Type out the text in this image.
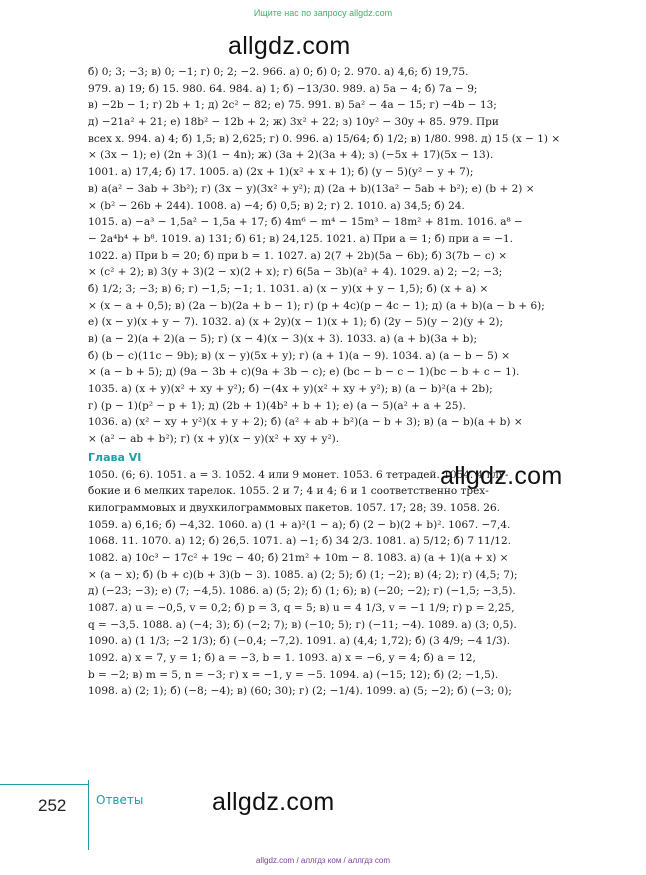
Ищите нас по запросу allgdz.com
allgdz.com
б) 0; 3; −3; в) 0; −1; г) 0; 2; −2. 966. а) 0; б) 0; 2. 970. а) 4,6; б) 19,75.
979. а) 19; б) 15. 980. 64. 984. а) 1; б) −13/30. 989. а) 5a − 4; б) 7a − 9;
в) −2b − 1; г) 2b + 1; д) 2c² − 82; е) 75. 991. в) 5a² − 4a − 15; г) −4b − 13;
д) −21a² + 21; е) 18b² − 12b + 2; ж) 3x² + 22; з) 10y² − 30y + 85. 979. При
всех x. 994. а) 4; б) 1,5; в) 2,625; г) 0. 996. а) 15/64; б) 1/2; в) 1/80. 998. д) 15 (x − 1) ×
× (3x − 1); е) (2n + 3)(1 − 4n); ж) (3a + 2)(3a + 4); з) (−5x + 17)(5x − 13).
1001. а) 17,4; б) 17. 1005. а) (2x + 1)(x² + x + 1); б) (y − 5)(y² − y + 7);
в) a(a² − 3ab + 3b²); г) (3x − y)(3x² + y²); д) (2a + b)(13a² − 5ab + b²); е) (b + 2) ×
× (b² − 26b + 244). 1008. а) −4; б) 0,5; в) 2; г) 2. 1010. а) 34,5; б) 24.
1015. а) −a³ − 1,5a² − 1,5a + 17; б) 4m⁶ − m⁴ − 15m³ − 18m² + 81m. 1016. a⁸ −
− 2a⁴b⁴ + b⁸. 1019. а) 131; б) 61; в) 24,125. 1021. а) При a = 1; б) при a = −1.
1022. а) При b = 20; б) при b = 1. 1027. а) 2(7 + 2b)(5a − 6b); б) 3(7b − c) ×
× (c² + 2); в) 3(y + 3)(2 − x)(2 + x); г) 6(5a − 3b)(a² + 4). 1029. а) 2; −2; −3;
б) 1/2; 3; −3; в) 6; г) −1,5; −1; 1. 1031. а) (x − y)(x + y − 1,5); б) (x + a) ×
× (x − a + 0,5); в) (2a − b)(2a + b − 1); г) (p + 4c)(p − 4c − 1); д) (a + b)(a − b + 6);
е) (x − y)(x + y − 7). 1032. а) (x + 2y)(x − 1)(x + 1); б) (2y − 5)(y − 2)(y + 2);
в) (a − 2)(a + 2)(a − 5); г) (x − 4)(x − 3)(x + 3). 1033. а) (a + b)(3a + b);
б) (b − c)(11c − 9b); в) (x − y)(5x + y); г) (a + 1)(a − 9). 1034. а) (a − b − 5) ×
× (a − b + 5); д) (9a − 3b + c)(9a + 3b − c); е) (bc − b − c − 1)(bc − b + c − 1).
1035. а) (x + y)(x² + xy + y²); б) −(4x + y)(x² + xy + y²); в) (a − b)²(a + 2b);
г) (p − 1)(p² − p + 1); д) (2b + 1)(4b² + b + 1); е) (a − 5)(a² + a + 25).
1036. а) (x² − xy + y²)(x + y + 2); б) (a² + ab + b²)(a − b + 3); в) (a − b)(a + b) ×
× (a² − ab + b²); г) (x + y)(x − y)(x² + xy + y²).
Глава VI
1050. (6; 6). 1051. a = 3. 1052. 4 или 9 монет. 1053. 6 тетрадей. 1054. 4 глу-
бокие и 6 мелких тарелок. 1055. 2 и 7; 4 и 4; 6 и 1 соответственно трёх-
килограммовых и двухкилограммовых пакетов. 1057. 17; 28; 39. 1058. 26.
1059. а) 6,16; б) −4,32. 1060. а) (1 + a)²(1 − a); б) (2 − b)(2 + b)². 1067. −7,4.
1068. 11. 1070. а) 12; б) 26,5. 1071. а) −1; б) 34 2/3. 1081. а) 5/12; б) 7 11/12.
1082. а) 10c³ − 17c² + 19c − 40; б) 21m² + 10m − 8. 1083. а) (a + 1)(a + x) ×
× (a − x); б) (b + c)(b + 3)(b − 3). 1085. а) (2; 5); б) (1; −2); в) (4; 2); г) (4,5; 7);
д) (−23; −3); е) (7; −4,5). 1086. а) (5; 2); б) (1; 6); в) (−20; −2); г) (−1,5; −3,5).
1087. а) u = −0,5, v = 0,2; б) p = 3, q = 5; в) u = 4 1/3, v = −1 1/9; г) p = 2,25,
q = −3,5. 1088. а) (−4; 3); б) (−2; 7); в) (−10; 5); г) (−11; −4). 1089. а) (3; 0,5).
1090. а) (1 1/3; −2 1/3); б) (−0,4; −7,2). 1091. а) (4,4; 1,72); б) (3 4/9; −4 1/3).
1092. а) x = 7, y = 1; б) a = −3, b = 1. 1093. а) x = −6, y = 4; б) a = 12,
b = −2; в) m = 5, n = −3; г) x = −1, y = −5. 1094. а) (−15; 12); б) (2; −1,5).
1098. а) (2; 1); б) (−8; −4); в) (60; 30); г) (2; −1/4). 1099. а) (5; −2); б) (−3; 0);
allgdz.com
252 Ответы	allgdz.com
allgdz.com / аллгдз ком / аллгдз com
